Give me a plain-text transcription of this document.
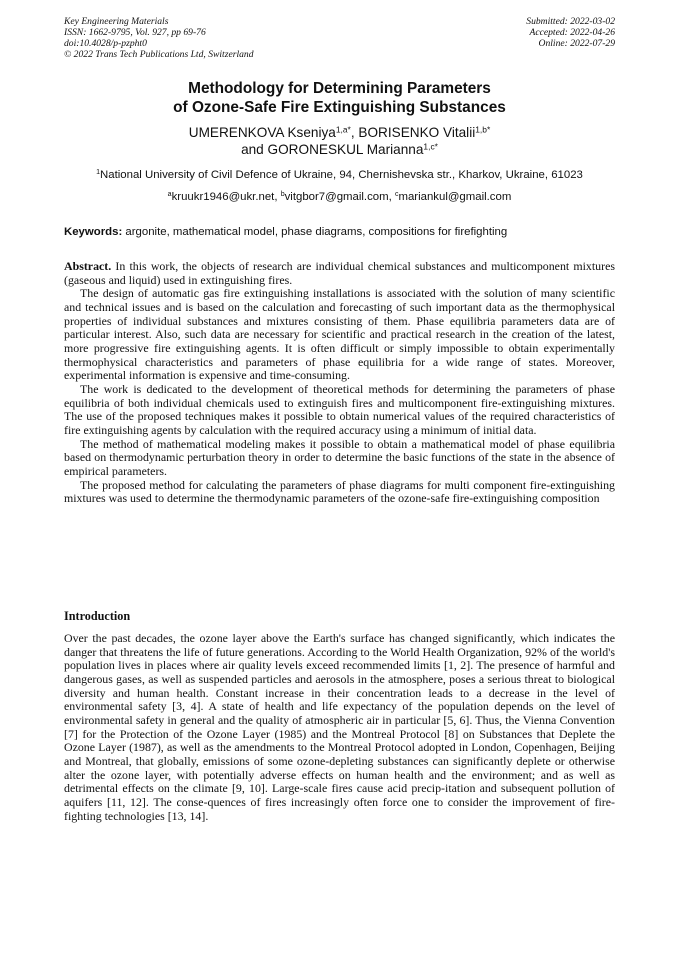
Key Engineering Materials
ISSN: 1662-9795, Vol. 927, pp 69-76
doi:10.4028/p-pzpht0
© 2022 Trans Tech Publications Ltd, Switzerland
Submitted: 2022-03-02
Accepted: 2022-04-26
Online: 2022-07-29
Methodology for Determining Parameters
of Ozone-Safe Fire Extinguishing Substances
UMERENKOVA Kseniya$^{1,a*}$, BORISENKO Vitalii$^{1,b*}$
and GORONESKUL Marianna$^{1,c*}$
$^1$National University of Civil Defence of Ukraine, 94, Chernishevska str., Kharkov, Ukraine, 61023
$^a$kruukr1946@ukr.net, $^b$vitgbor7@gmail.com, $^c$mariankul@gmail.com
Keywords: argonite, mathematical model, phase diagrams, compositions for firefighting

Abstract. In this work, the objects of research are individual chemical substances and multicomponent mixtures (gaseous and liquid) used in extinguishing fires.

The design of automatic gas fire extinguishing installations is associated with the solution of many scientific and technical issues and is based on the calculation and forecasting of such important data as the thermophysical properties of individual substances and mixtures consisting of them. Phase equilibria parameters data are of particular interest. Also, such data are necessary for scientific and practical research in the creation of the latest, more progressive fire extinguishing agents. It is often difficult or simply impossible to obtain experimentally thermophysical characteristics and parameters of phase equilibria for a wide range of states. Moreover, experimental information is expensive and time-consuming.

The work is dedicated to the development of theoretical methods for determining the parameters of phase equilibria of both individual chemicals used to extinguish fires and multicomponent fire-extinguishing mixtures. The use of the proposed techniques makes it possible to obtain numerical values of the required characteristics of fire extinguishing agents by calculation with the required accuracy using a minimum of initial data.

The method of mathematical modeling makes it possible to obtain a mathematical model of phase equilibria based on thermodynamic perturbation theory in order to determine the basic functions of the state in the absence of empirical parameters.

The proposed method for calculating the parameters of phase diagrams for multi component fire-extinguishing mixtures was used to determine the thermodynamic parameters of the ozone-safe fire-extinguishing composition

Introduction

Over the past decades, the ozone layer above the Earth's surface has changed significantly, which indicates the danger that threatens the life of future generations. According to the World Health Organization, 92% of the world's population lives in places where air quality levels exceed recommended limits [1, 2]. The presence of harmful and dangerous gases, as well as suspended particles and aerosols in the atmosphere, poses a serious threat to biological diversity and human health. Constant increase in their concentration leads to a decrease in the level of environmental safety [3, 4]. A state of health and life expectancy of the population depends on the level of environmental safety in general and the quality of atmospheric air in particular [5, 6]. Thus, the Vienna Convention [7] for the Protection of the Ozone Layer (1985) and the Montreal Protocol [8] on Substances that Deplete the Ozone Layer (1987), as well as the amendments to the Montreal Protocol adopted in London, Copenhagen, Beijing and Montreal, that globally, emissions of some ozone-depleting substances can significantly deplete or otherwise alter the ozone layer, with potentially adverse effects on human health and the environment; and as well as detrimental effects on the climate [9, 10]. Large-scale fires cause acid precip-itation and subsequent pollution of aquifers [11, 12]. The conse-quences of fires increasingly often force one to consider the improvement of fire-fighting technologies [13, 14].
